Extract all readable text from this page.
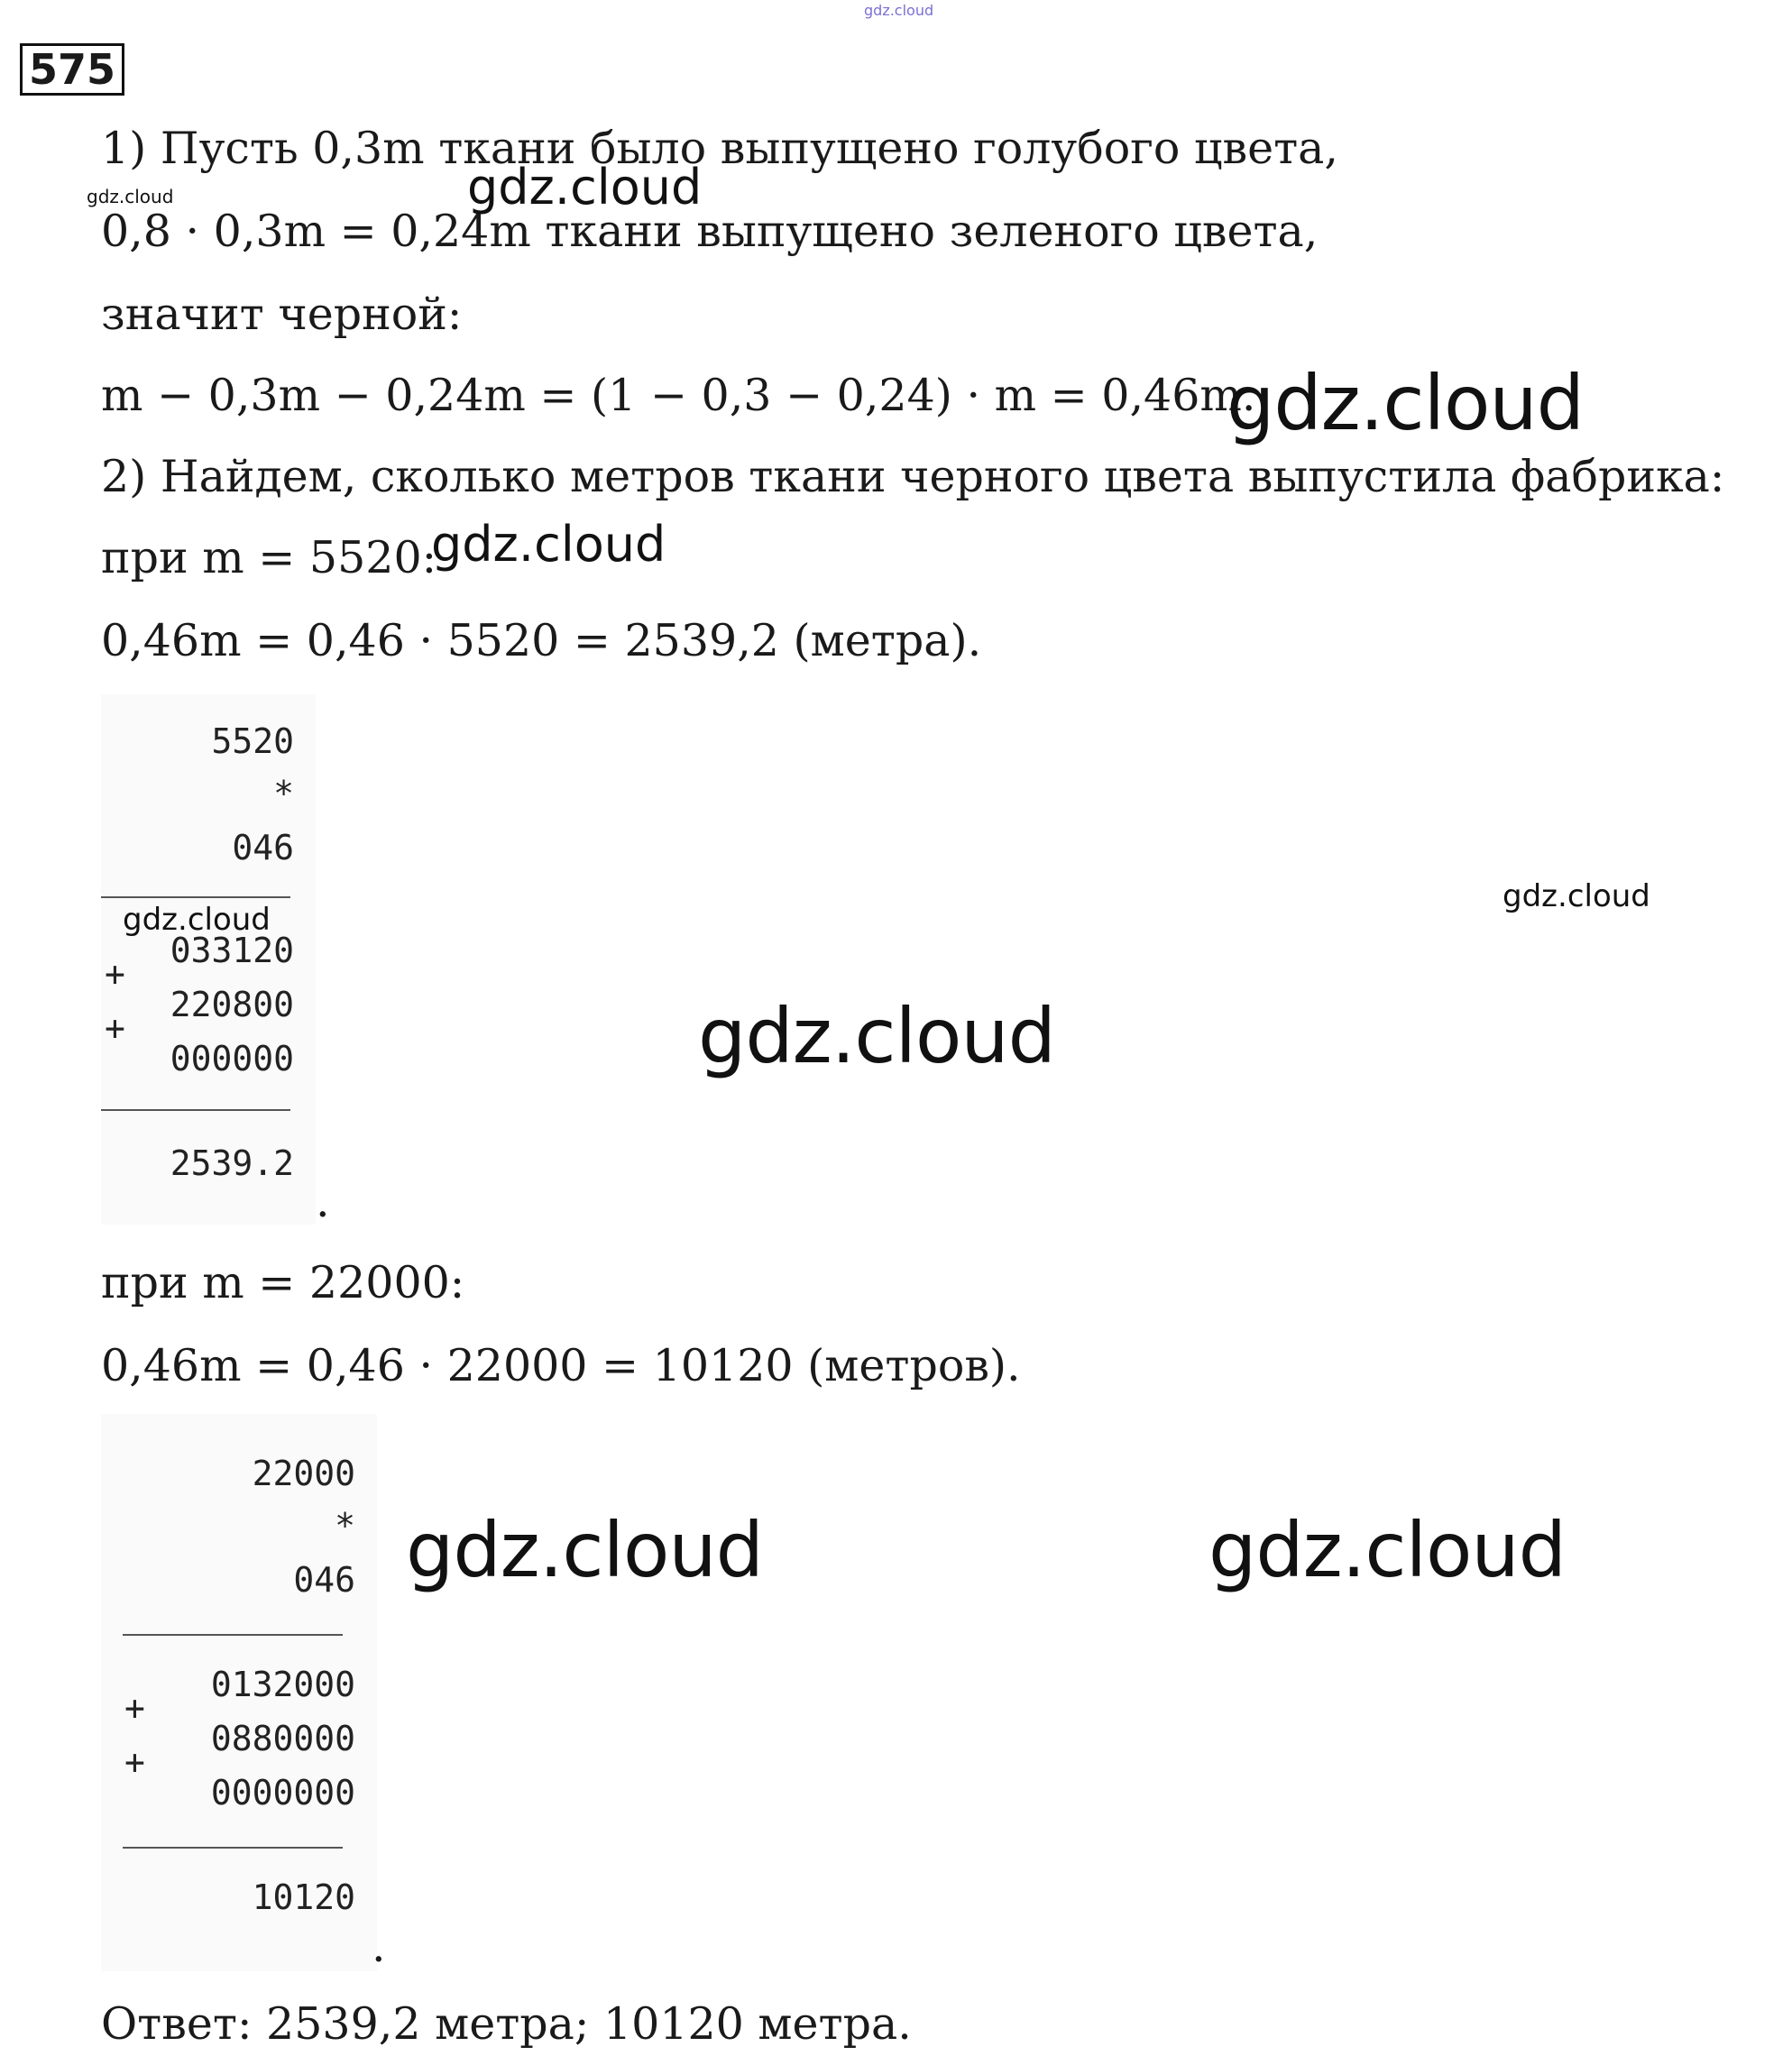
gdz.cloud
575
1) Пусть 0,3m ткани было выпущено голубого цвета,
0,8 · 0,3m = 0,24m ткани выпущено зеленого цвета,
значит черной:
m − 0,3m − 0,24m = (1 − 0,3 − 0,24) · m = 0,46m.
2) Найдем, сколько метров ткани черного цвета выпустила фабрика:
при m = 5520:
0,46m = 0,46 · 5520 = 2539,2 (метра).
5520
*
046
033120
+
220800
+
000000
2539.2
.
при m = 22000:
0,46m = 0,46 · 22000 = 10120 (метров).
22000
*
046
0132000
+
0880000
+
0000000
10120
.
Ответ: 2539,2 метра; 10120 метра.
gdz.cloud	gdz.cloud
gdz.cloud
gdz.cloud
gdz.cloud
gdz.cloud
gdz.cloud
gdz.cloud	gdz.cloud
